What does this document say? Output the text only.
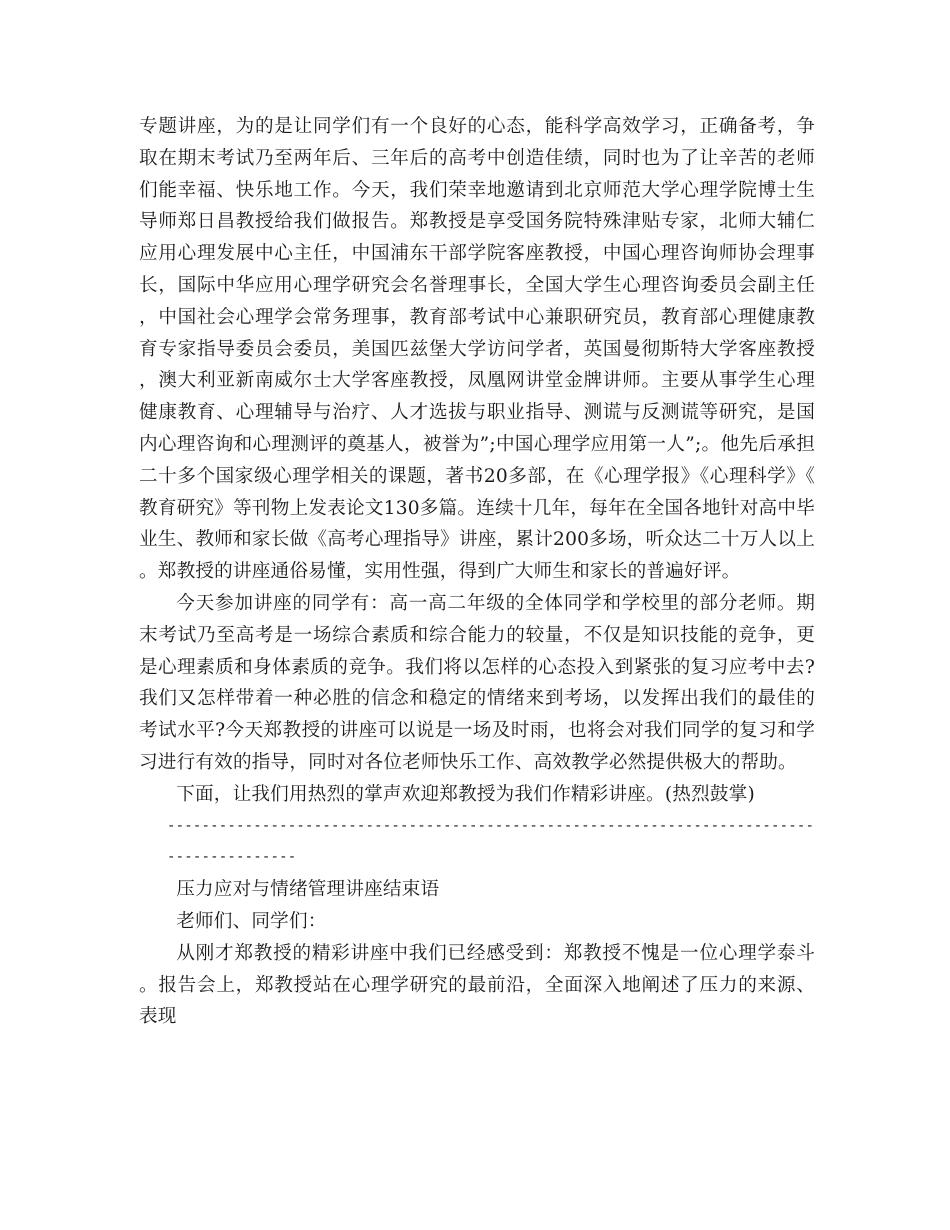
专题讲座，为的是让同学们有一个良好的心态，能科学高效学习，正确备考，争取在期末考试乃至两年后、三年后的高考中创造佳绩，同时也为了让辛苦的老师们能幸福、快乐地工作。今天，我们荣幸地邀请到北京师范大学心理学院博士生导师郑日昌教授给我们做报告。郑教授是享受国务院特殊津贴专家，北师大辅仁应用心理发展中心主任，中国浦东干部学院客座教授，中国心理咨询师协会理事长，国际中华应用心理学研究会名誉理事长，全国大学生心理咨询委员会副主任，中国社会心理学会常务理事，教育部考试中心兼职研究员，教育部心理健康教育专家指导委员会委员，美国匹兹堡大学访问学者，英国曼彻斯特大学客座教授，澳大利亚新南威尔士大学客座教授，凤凰网讲堂金牌讲师。主要从事学生心理健康教育、心理辅导与治疗、人才选拔与职业指导、测谎与反测谎等研究，是国内心理咨询和心理测评的奠基人，被誉为”;中国心理学应用第一人”;。他先后承担二十多个国家级心理学相关的课题，著书20多部，在《心理学报》《心理科学》《教育研究》等刊物上发表论文130多篇。连续十几年，每年在全国各地针对高中毕业生、教师和家长做《高考心理指导》讲座，累计200多场，听众达二十万人以上。郑教授的讲座通俗易懂，实用性强，得到广大师生和家长的普遍好评。

今天参加讲座的同学有：高一高二年级的全体同学和学校里的部分老师。期末考试乃至高考是一场综合素质和综合能力的较量，不仅是知识技能的竞争，更是心理素质和身体素质的竞争。我们将以怎样的心态投入到紧张的复习应考中去?我们又怎样带着一种必胜的信念和稳定的情绪来到考场，以发挥出我们的最佳的考试水平?今天郑教授的讲座可以说是一场及时雨，也将会对我们同学的复习和学习进行有效的指导，同时对各位老师快乐工作、高效教学必然提供极大的帮助。

下面，让我们用热烈的掌声欢迎郑教授为我们作精彩讲座。(热烈鼓掌)

------------------------------------------------------------------------------------------

压力应对与情绪管理讲座结束语

老师们、同学们：

从刚才郑教授的精彩讲座中我们已经感受到：郑教授不愧是一位心理学泰斗。报告会上，郑教授站在心理学研究的最前沿，全面深入地阐述了压力的来源、表现
